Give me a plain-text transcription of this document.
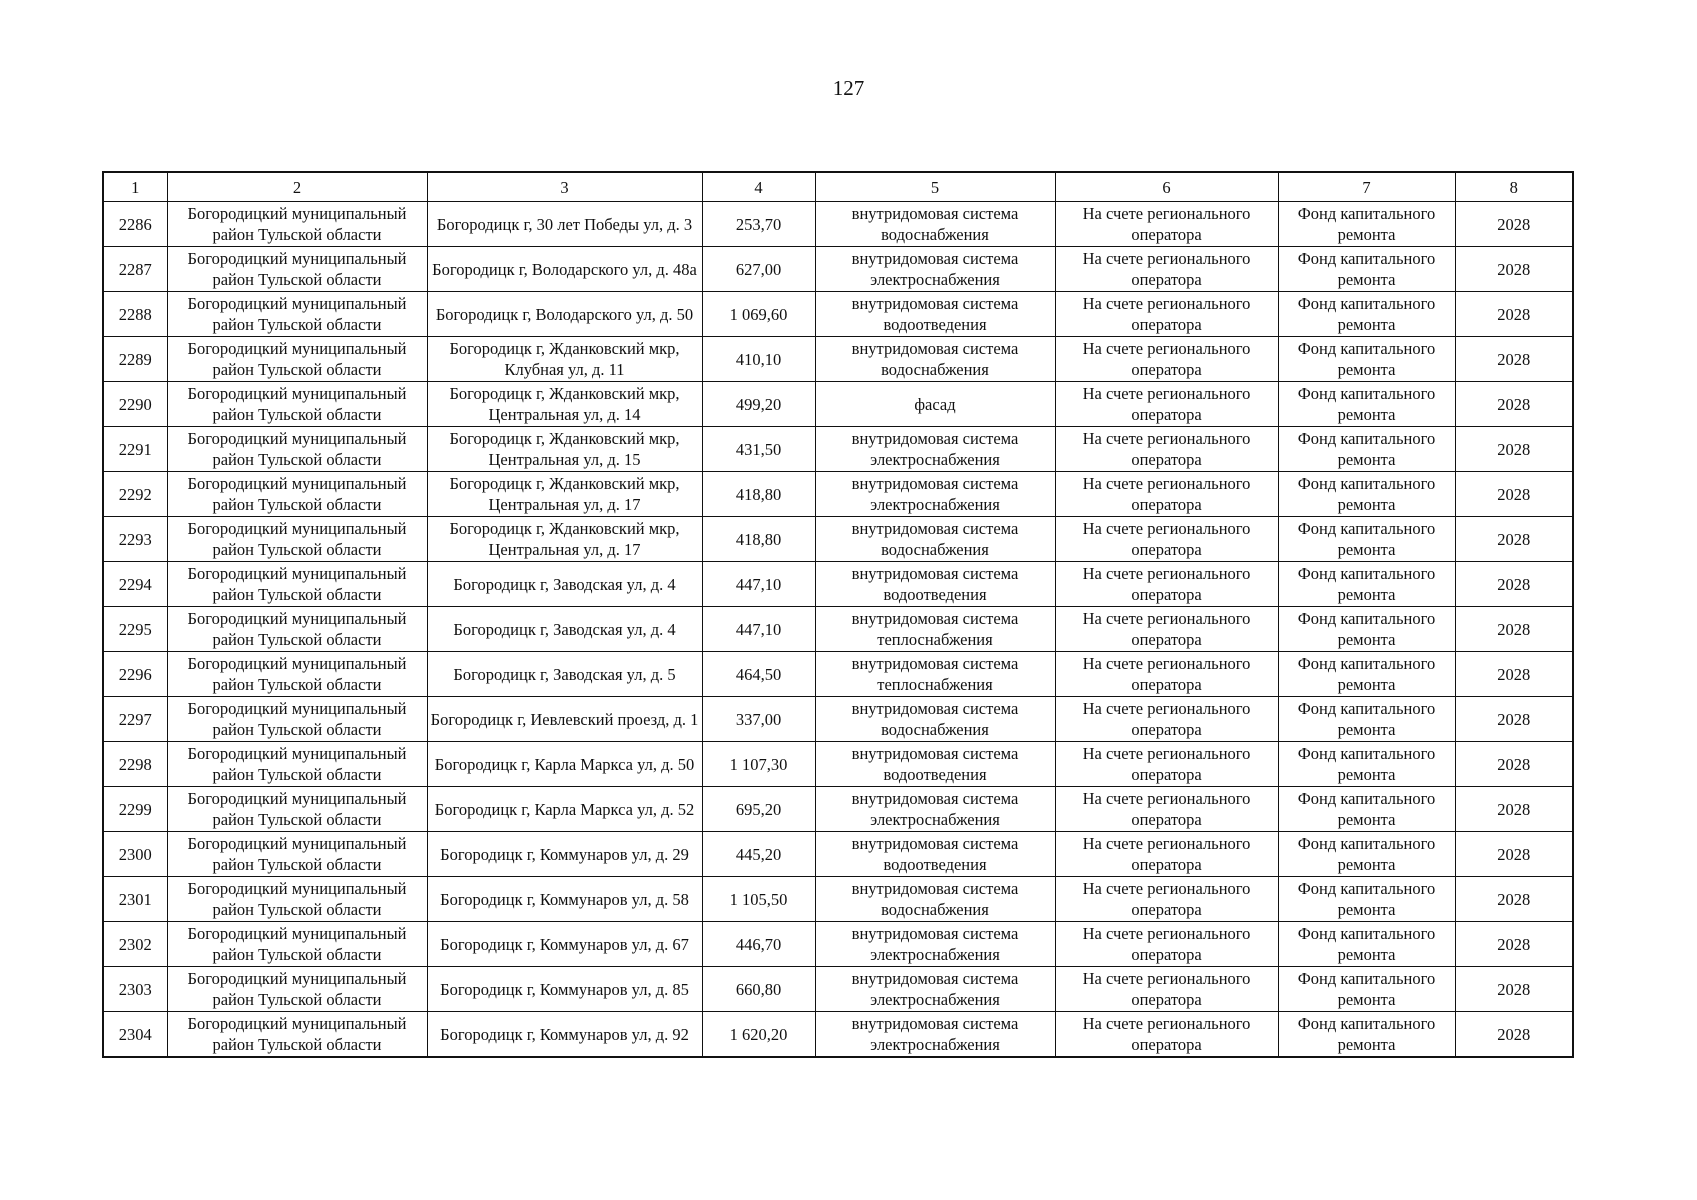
127
1	2	3	4	5	6	7	8
2286	Богородицкий муниципальный район Тульской области	Богородицк г, 30 лет Победы ул, д. 3	253,70	внутридомовая система водоснабжения	На счете регионального оператора	Фонд капитального ремонта	2028
2287	Богородицкий муниципальный район Тульской области	Богородицк г, Володарского ул, д. 48а	627,00	внутридомовая система электроснабжения	На счете регионального оператора	Фонд капитального ремонта	2028
2288	Богородицкий муниципальный район Тульской области	Богородицк г, Володарского ул, д. 50	1 069,60	внутридомовая система водоотведения	На счете регионального оператора	Фонд капитального ремонта	2028
2289	Богородицкий муниципальный район Тульской области	Богородицк г, Жданковский мкр, Клубная ул, д. 11	410,10	внутридомовая система водоснабжения	На счете регионального оператора	Фонд капитального ремонта	2028
2290	Богородицкий муниципальный район Тульской области	Богородицк г, Жданковский мкр, Центральная ул, д. 14	499,20	фасад	На счете регионального оператора	Фонд капитального ремонта	2028
2291	Богородицкий муниципальный район Тульской области	Богородицк г, Жданковский мкр, Центральная ул, д. 15	431,50	внутридомовая система электроснабжения	На счете регионального оператора	Фонд капитального ремонта	2028
2292	Богородицкий муниципальный район Тульской области	Богородицк г, Жданковский мкр, Центральная ул, д. 17	418,80	внутридомовая система электроснабжения	На счете регионального оператора	Фонд капитального ремонта	2028
2293	Богородицкий муниципальный район Тульской области	Богородицк г, Жданковский мкр, Центральная ул, д. 17	418,80	внутридомовая система водоснабжения	На счете регионального оператора	Фонд капитального ремонта	2028
2294	Богородицкий муниципальный район Тульской области	Богородицк г, Заводская ул, д. 4	447,10	внутридомовая система водоотведения	На счете регионального оператора	Фонд капитального ремонта	2028
2295	Богородицкий муниципальный район Тульской области	Богородицк г, Заводская ул, д. 4	447,10	внутридомовая система теплоснабжения	На счете регионального оператора	Фонд капитального ремонта	2028
2296	Богородицкий муниципальный район Тульской области	Богородицк г, Заводская ул, д. 5	464,50	внутридомовая система теплоснабжения	На счете регионального оператора	Фонд капитального ремонта	2028
2297	Богородицкий муниципальный район Тульской области	Богородицк г, Иевлевский проезд, д. 1	337,00	внутридомовая система водоснабжения	На счете регионального оператора	Фонд капитального ремонта	2028
2298	Богородицкий муниципальный район Тульской области	Богородицк г, Карла Маркса ул, д. 50	1 107,30	внутридомовая система водоотведения	На счете регионального оператора	Фонд капитального ремонта	2028
2299	Богородицкий муниципальный район Тульской области	Богородицк г, Карла Маркса ул, д. 52	695,20	внутридомовая система электроснабжения	На счете регионального оператора	Фонд капитального ремонта	2028
2300	Богородицкий муниципальный район Тульской области	Богородицк г, Коммунаров ул, д. 29	445,20	внутридомовая система водоотведения	На счете регионального оператора	Фонд капитального ремонта	2028
2301	Богородицкий муниципальный район Тульской области	Богородицк г, Коммунаров ул, д. 58	1 105,50	внутридомовая система водоснабжения	На счете регионального оператора	Фонд капитального ремонта	2028
2302	Богородицкий муниципальный район Тульской области	Богородицк г, Коммунаров ул, д. 67	446,70	внутридомовая система электроснабжения	На счете регионального оператора	Фонд капитального ремонта	2028
2303	Богородицкий муниципальный район Тульской области	Богородицк г, Коммунаров ул, д. 85	660,80	внутридомовая система электроснабжения	На счете регионального оператора	Фонд капитального ремонта	2028
2304	Богородицкий муниципальный район Тульской области	Богородицк г, Коммунаров ул, д. 92	1 620,20	внутридомовая система электроснабжения	На счете регионального оператора	Фонд капитального ремонта	2028
